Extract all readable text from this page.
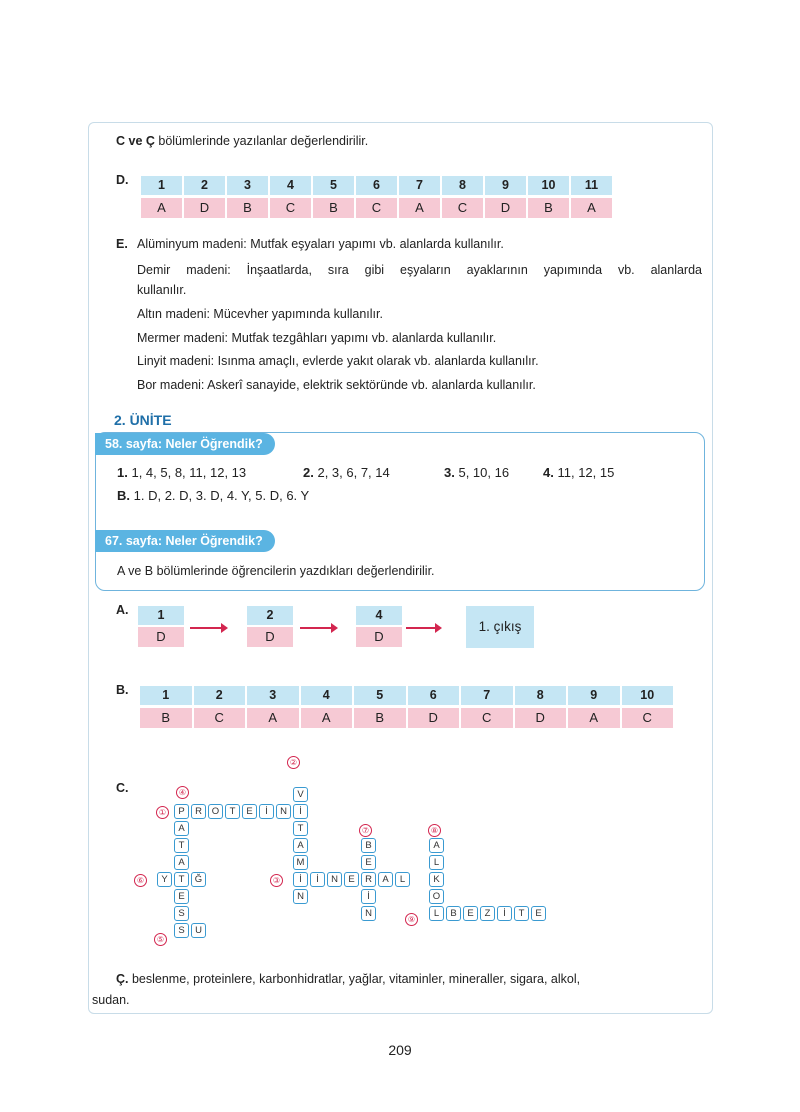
C ve Ç bölümlerinde yazılanlar değerlendirilir.
D.	1	2	3	4	5	6	7	8	9	10	11
A	D	B	C	B	C	A	C	D	B	A
E. Alüminyum madeni: Mutfak eşyaları yapımı vb. alanlarda kullanılır.
Demir madeni: İnşaatlarda, sıra gibi eşyaların ayaklarının yapımında vb. alanlarda
kullanılır.
Altın madeni: Mücevher yapımında kullanılır.
Mermer madeni: Mutfak tezgâhları yapımı vb. alanlarda kullanılır.
Linyit madeni: Isınma amaçlı, evlerde yakıt olarak vb. alanlarda kullanılır.
Bor madeni: Askerî sanayide, elektrik sektöründe vb. alanlarda kullanılır.
2. ÜNİTE
58. sayfa: Neler Öğrendik?
1. 1, 4, 5, 8, 11, 12, 13	2. 2, 3, 6, 7, 14	3. 5, 10, 16	4. 11, 12, 15
B. 1. D, 2. D, 3. D, 4. Y, 5. D, 6. Y
67. sayfa: Neler Öğrendik?
A ve B bölümlerinde öğrencilerin yazdıkları değerlendirilir.
A.	1
D
2
D
4
D
1. çıkış
B.	1	2	3	4	5	6	7	8	9	10
B	C	A	A	B	D	C	D	A	C
C.
P	R	O	T	E	İ	N
A
T
A
T
E
S
V
İ
T
A
M
İ
N
İ	N	E	R	A	L
B
E
İ
N
A
L
K
O
L
Y	Ğ
S	U
B	E	Z	İ	T	E
①
②
③
④
⑤
⑥
⑦	⑧
⑨
Ç. beslenme, proteinlere, karbonhidratlar, yağlar, vitaminler, mineraller, sigara, alkol,
sudan.
209
